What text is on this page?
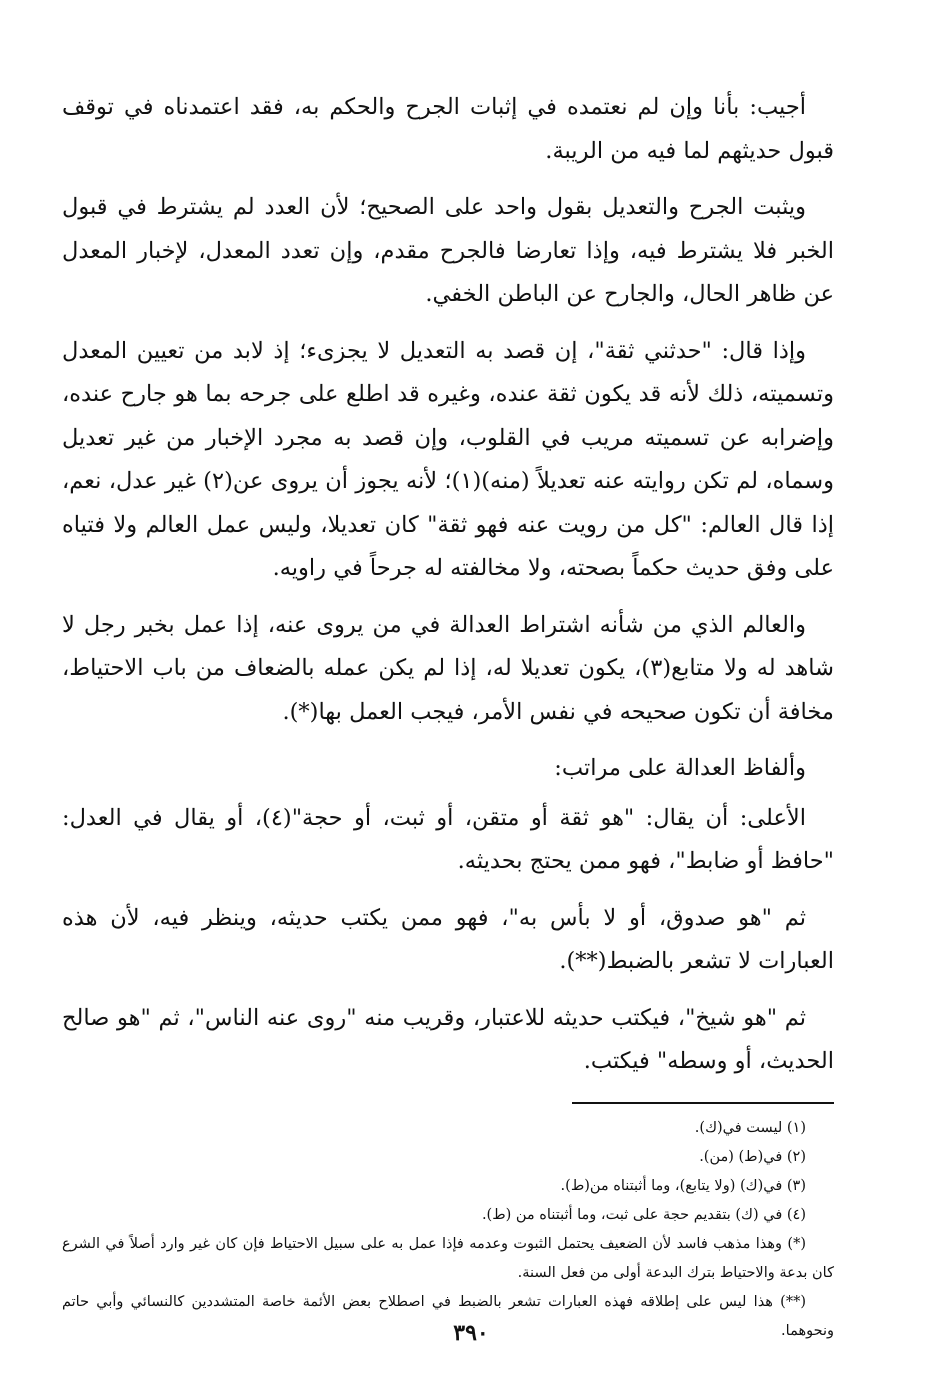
أجيب: بأنا وإن لم نعتمده في إثبات الجرح والحكم به، فقد اعتمدناه في توقف قبول حديثهم لما فيه من الريبة.

ويثبت الجرح والتعديل بقول واحد على الصحيح؛ لأن العدد لم يشترط في قبول الخبر فلا يشترط فيه، وإذا تعارضا فالجرح مقدم، وإن تعدد المعدل، لإخبار المعدل عن ظاهر الحال، والجارح عن الباطن الخفي.

وإذا قال: "حدثني ثقة"، إن قصد به التعديل لا يجزىء؛ إذ لابد من تعيين المعدل وتسميته، ذلك لأنه قد يكون ثقة عنده، وغيره قد اطلع على جرحه بما هو جارح عنده، وإضرابه عن تسميته مريب في القلوب، وإن قصد به مجرد الإخبار من غير تعديل وسماه، لم تكن روايته عنه تعديلاً (منه)(١)؛ لأنه يجوز أن يروى عن(٢) غير عدل، نعم، إذا قال العالم: "كل من رويت عنه فهو ثقة" كان تعديلا، وليس عمل العالم ولا فتياه على وفق حديث حكماً بصحته، ولا مخالفته له جرحاً في راويه.

والعالم الذي من شأنه اشتراط العدالة في من يروى عنه، إذا عمل بخبر رجل لا شاهد له ولا متابع(٣)، يكون تعديلا له، إذا لم يكن عمله بالضعاف من باب الاحتياط، مخافة أن تكون صحيحه في نفس الأمر، فيجب العمل بها(*).

وألفاظ العدالة على مراتب:

الأعلى: أن يقال: "هو ثقة أو متقن، أو ثبت، أو حجة"(٤)، أو يقال في العدل: "حافظ أو ضابط"، فهو ممن يحتج بحديثه.

ثم "هو صدوق، أو لا بأس به"، فهو ممن يكتب حديثه، وينظر فيه، لأن هذه العبارات لا تشعر بالضبط(**).

ثم "هو شيخ"، فيكتب حديثه للاعتبار، وقريب منه "روى عنه الناس"، ثم "هو صالح الحديث، أو وسطه" فيكتب.

(١) ليست في(ك).

(٢) في(ط) (من).

(٣) في(ك) (ولا يتابع)، وما أثبتناه من(ط).

(٤) في (ك) بتقديم حجة على ثبت، وما أثبتناه من (ط).

(*) وهذا مذهب فاسد لأن الضعيف يحتمل الثبوت وعدمه فإذا عمل به على سبيل الاحتياط فإن كان غير وارد أصلاً في الشرع كان بدعة والاحتياط بترك البدعة أولى من فعل السنة.

(**) هذا ليس على إطلاقه فهذه العبارات تشعر بالضبط في اصطلاح بعض الأئمة خاصة المتشددين كالنسائي وأبي حاتم ونحوهما.

٣٩٠
